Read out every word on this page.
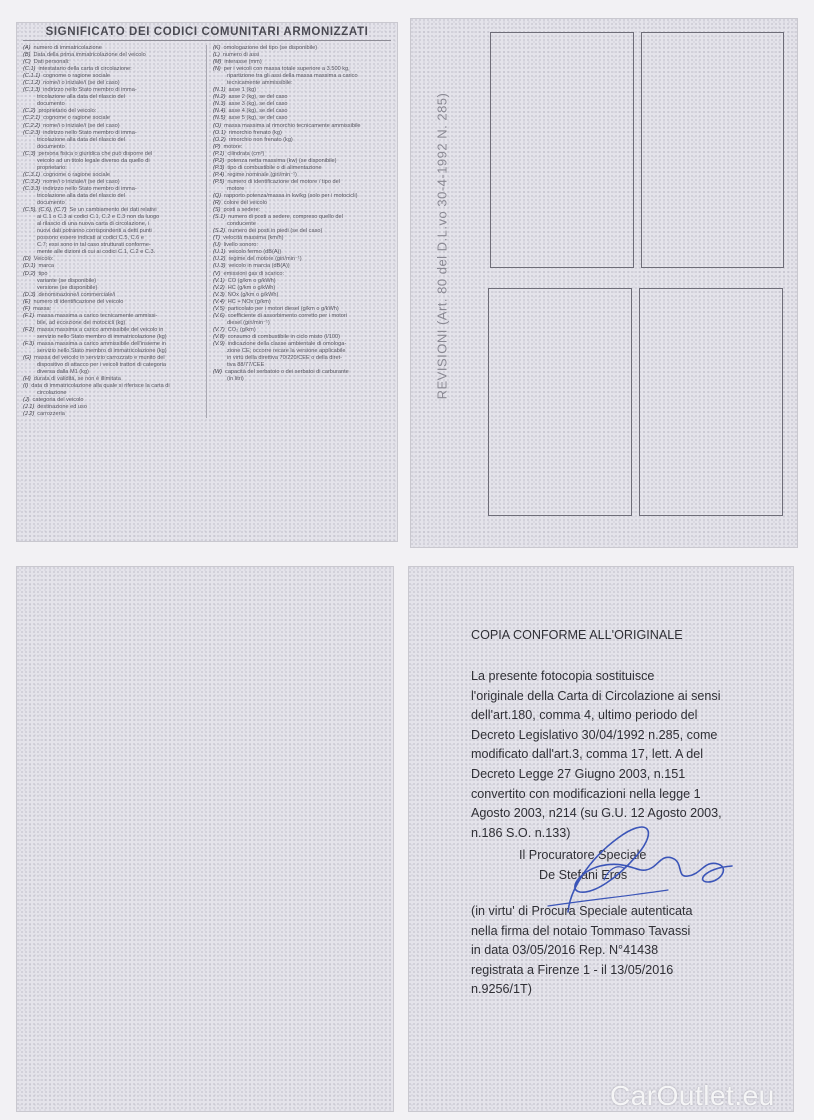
SIGNIFICATO DEI CODICI COMUNITARI ARMONIZZATI
(A) numero di immatricolazione
(B) Data della prima immatricolazione del veicolo
(C) Dati personali:
(C.1) intestatario della carta di circolazione:
(C.1.1) cognome o ragione sociale
(C.1.2) nome/i o iniziale/i (se del caso)
(C.1.3) indirizzo nello Stato membro di imma-
tricolazione alla data del rilascio del
documento
(C.2) proprietario del veicolo:
(C.2.1) cognome o ragione sociale
(C.2.2) nome/i o iniziale/i (se del caso)
(C.2.3) indirizzo nello Stato membro di imma-
tricolazione alla data del rilascio del
documento
(C.3) persona fisica o giuridica che può disporre del
veicolo ad un titolo legale diverso da quello di
proprietario:
(C.3.1) cognome o ragione sociale
(C.3.2) nome/i o iniziale/i (se del caso)
(C.3.3) indirizzo nello Stato membro di imma-
tricolazione alla data del rilascio del
documento
(C.5), (C.6), (C.7) Se un cambiamento dei dati relativi
ai C.1 o C.3 ai codici C.1, C.2 e C.3 non da luogo
al rilascio di una nuova carta di circolazione, i
nuovi dati potranno corrispondenti a detti punti
possono essere indicati ai codici C.5, C.6 e
C.7; essi sono in tal caso strutturati conforme-
mente alle dizioni di cui ai codici C.1, C.2 e C.3.
(D) Veicolo:
(D.1) marca
(D.2) tipo
variante (se disponibile)
versione (se disponibile)
(D.3) denominazione/i commerciale/i
(E) numero di identificazione del veicolo
(F) massa:
(F.1) massa massima a carico tecnicamente ammissi-
bile, ad eccezione dei motocicli (kg)
(F.2) massa massima a carico ammissibile del veicolo in
servizio nello Stato membro di immatricolazione (kg)
(F.3) massa massima a carico ammissibile dell'insieme in
servizio nello Stato membro di immatricolazione (kg)
(G) massa del veicolo in servizio carrozzato e munito del
dispositivo di attacco per i veicoli trattori di categoria
diversa dalla M1 (kg)
(H) durata di validità, se non è illimitata
(I) data di immatricolazione alla quale si riferisce la carta di
circolazione
(J) categoria del veicolo
(J.1) destinazione ed uso
(J.2) carrozzeria
(K) omologazione del tipo (se disponibile)
(L) numero di assi
(M) interasse (mm)
(N) per i veicoli con massa totale superiore a 3.500 kg,
ripartizione tra gli assi della massa massima a carico
tecnicamente ammissibile:
(N.1) asse 1 (kg)
(N.2) asse 2 (kg), se del caso
(N.3) asse 3 (kg), se del caso
(N.4) asse 4 (kg), se del caso
(N.5) asse 5 (kg), se del caso
(O) massa massima al rimorchio tecnicamente ammissibile
(O.1) rimorchio frenato (kg)
(O.2) rimorchio non frenato (kg)
(P) motore:
(P.1) cilindrata (cm³)
(P.2) potenza netta massima (kw) (se disponibile)
(P.3) tipo di combustibile o di alimentazione
(P.4) regime nominale (giri/min⁻¹)
(P.5) numero di identificazione del motore / tipo del
motore
(Q) rapporto potenza/massa in kw/kg (solo per i motocicli)
(R) colore del veicolo
(S) posti a sedere:
(S.1) numero di posti a sedere, compreso quello del
conducente
(S.2) numero dei posti in piedi (se del caso)
(T) velocità massima (km/h)
(U) livello sonoro:
(U.1) veicolo fermo (dB(A))
(U.2) regime del motore (giri/min⁻¹)
(U.3) veicolo in marcia (dB(A))
(V) emissioni gas di scarico:
(V.1) CO (g/km o g/kWh)
(V.2) HC (g/km o g/kWh)
(V.3) NOx (g/km o g/kWh)
(V.4) HC + NOx (g/km)
(V.5) particolato per i motori diesel (g/km o g/kWh)
(V.6) coefficiente di assorbimento corretto per i motori
diesel (giri/min⁻¹)
(V.7) CO₂ (g/km)
(V.8) consumo di combustibile in ciclo misto (l/100)
(V.9) indicazione della classe ambientale di omologa-
zione CE; occorre recare la versione applicabile
in virtù della direttiva 70/220/CEE o della diret-
tiva 88/77/CEE
(W) capacità del serbatoio o dei serbatoi di carburante
(in litri)	REVISIONI (Art. 80 del D.L.vo 30-4-1992 N. 285)
COPIA CONFORME ALL'ORIGINALE
La presente fotocopia sostituisce
l'originale della Carta di Circolazione ai sensi
dell'art.180, comma 4, ultimo periodo del
Decreto Legislativo 30/04/1992 n.285, come
modificato dall'art.3, comma 17, lett. A del
Decreto Legge 27 Giugno 2003, n.151
convertito con modificazioni nella legge 1
Agosto 2003, n214 (su G.U. 12 Agosto 2003,
n.186 S.O. n.133)
Il Procuratore Speciale
De Stefani Eros
(in virtu' di Procura Speciale autenticata
nella firma del notaio Tommaso Tavassi
in data 03/05/2016 Rep. N°41438
registrata a Firenze 1 - il 13/05/2016
n.9256/1T)
CarOutlet.eu
